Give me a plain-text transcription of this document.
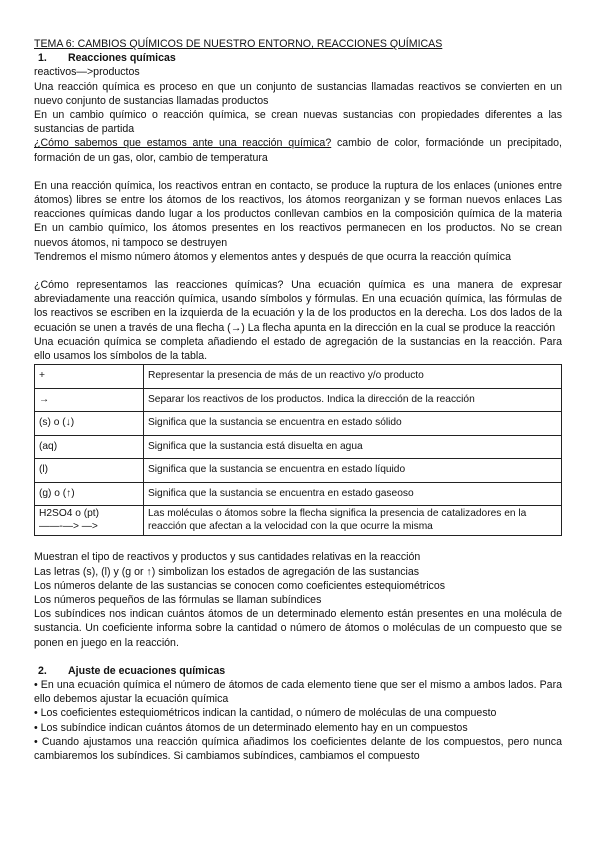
TEMA 6: CAMBIOS QUÍMICOS DE NUESTRO ENTORNO, REACCIONES QUÍMICAS

1.	Reacciones químicas

reactivos—>productos

Una reacción química es proceso en que un conjunto de sustancias llamadas reactivos se convierten en un nuevo conjunto de sustancias llamadas productos

En un cambio químico o reacción química, se crean nuevas sustancias con propiedades diferentes a las sustancias de partida

¿Cómo sabemos que estamos ante una reacción química? cambio de color, formaciónde un precipitado, formación de un gas, olor, cambio de temperatura

En una reacción química, los reactivos entran en contacto, se produce la ruptura de los enlaces (uniones entre átomos) libres se entre los átomos de los reactivos, los átomos reorganizan y se forman nuevos enlaces Las reacciones químicas dando lugar a los productos conllevan cambios en la composición química de la materia En un cambio químico, los átomos presentes en los reactivos permanecen en los productos. No se crean nuevos átomos, ni tampoco se destruyen

Tendremos el mismo número átomos y elementos antes y después de que ocurra la reacción química

¿Cómo representamos las reacciones químicas? Una ecuación química es una manera de expresar abreviadamente una reacción química, usando símbolos y fórmulas. En una ecuación química, las fórmulas de los reactivos se escriben en la izquierda de la ecuación y la de los productos en la derecha. Los dos lados de la ecuación se unen a través de una flecha (→) La flecha apunta en la dirección en la cual se produce la reacción

Una ecuación química se completa añadiendo el estado de agregación de la sustancias en la reacción. Para ello usamos los símbolos de la tabla.

+	Representar la presencia de más de un reactivo y/o producto
→	Separar los reactivos de los productos. Indica la dirección de la reacción
(s) o (↓)	Significa que la sustancia se encuentra en estado sólido
(aq)	Significa que la sustancia está disuelta en agua
(l)	Significa que la sustancia se encuentra en estado líquido
(g) o (↑)	Significa que la sustancia se encuentra en estado gaseoso

H2SO4 o (pt)
——-—> —>	Las moléculas o átomos sobre la flecha significa la presencia de catalizadores en la reacción que afectan a la velocidad con la que ocurre la misma

Muestran el tipo de reactivos y productos y sus cantidades relativas en la reacción

Las letras (s), (l) y (g or ↑) simbolizan los estados de agregación de las sustancias

Los números delante de las sustancias se conocen como coeficientes estequiométricos

Los números pequeños de las fórmulas se llaman subíndices

Los subíndices nos indican cuántos átomos de un determinado elemento están presentes en una molécula de sustancia. Un coeficiente informa sobre la cantidad o número de átomos o moléculas de un compuesto que se ponen en juego en la reacción.

2.	Ajuste de ecuaciones químicas
• En una ecuación química el número de átomos de cada elemento tiene que ser el mismo a ambos lados. Para ello debemos ajustar la ecuación química
• Los coeficientes estequiométricos indican la cantidad, o número de moléculas de una compuesto
• Los subíndice indican cuántos átomos de un determinado elemento hay en un compuestos
• Cuando ajustamos una reacción química añadimos los coeficientes delante de los compuestos, pero nunca cambiaremos los subíndices. Si cambiamos subíndices, cambiamos el compuesto
